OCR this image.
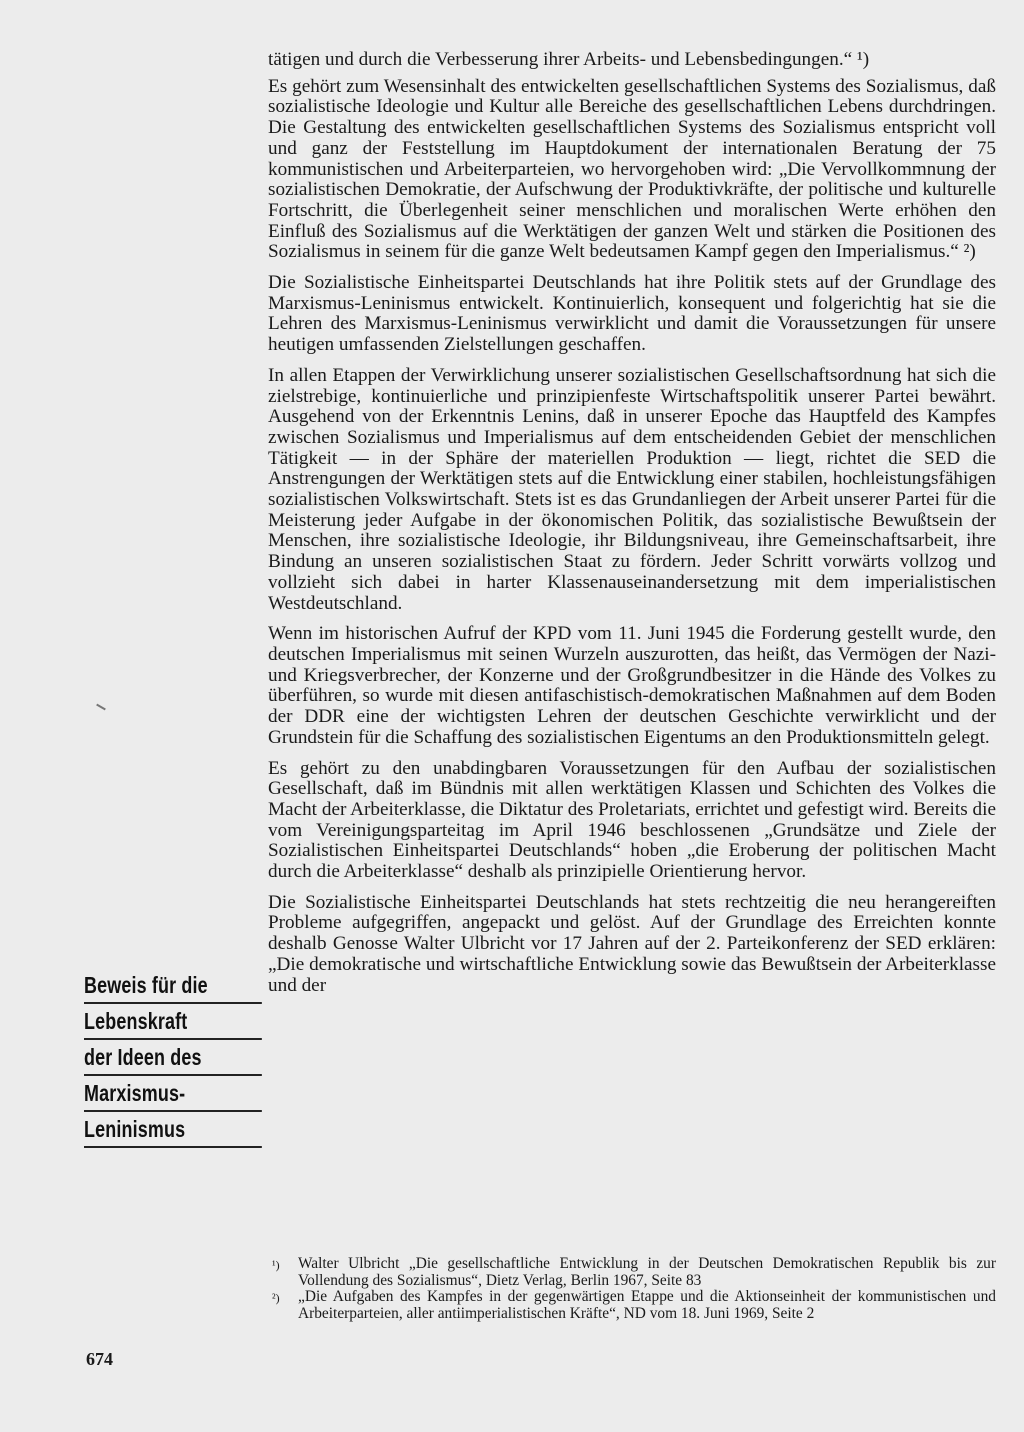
tätigen und durch die Verbesserung ihrer Arbeits- und Lebensbedingungen.“ ¹)

Es gehört zum Wesensinhalt des entwickelten gesellschaftlichen Systems des Sozialismus, daß sozialistische Ideologie und Kultur alle Bereiche des gesellschaftlichen Lebens durchdringen. Die Gestaltung des entwickelten gesellschaftlichen Systems des Sozialismus entspricht voll und ganz der Feststellung im Hauptdokument der internationalen Beratung der 75 kommunistischen und Arbeiterparteien, wo hervorgehoben wird: „Die Vervollkommnung der sozialistischen Demokratie, der Aufschwung der Produktivkräfte, der politische und kulturelle Fortschritt, die Überlegenheit seiner menschlichen und moralischen Werte erhöhen den Einfluß des Sozialismus auf die Werktätigen der ganzen Welt und stärken die Positionen des Sozialismus in seinem für die ganze Welt bedeutsamen Kampf gegen den Imperialismus.“ ²)

Die Sozialistische Einheitspartei Deutschlands hat ihre Politik stets auf der Grundlage des Marxismus-Leninismus entwickelt. Kontinuierlich, konsequent und folgerichtig hat sie die Lehren des Marxismus-Leninismus verwirklicht und damit die Voraussetzungen für unsere heutigen umfassenden Zielstellungen geschaffen.

In allen Etappen der Verwirklichung unserer sozialistischen Gesellschaftsordnung hat sich die zielstrebige, kontinuierliche und prinzipienfeste Wirtschaftspolitik unserer Partei bewährt. Ausgehend von der Erkenntnis Lenins, daß in unserer Epoche das Hauptfeld des Kampfes zwischen Sozialismus und Imperialismus auf dem entscheidenden Gebiet der menschlichen Tätigkeit — in der Sphäre der materiellen Produktion — liegt, richtet die SED die Anstrengungen der Werktätigen stets auf die Entwicklung einer stabilen, hochleistungsfähigen sozialistischen Volkswirtschaft. Stets ist es das Grundanliegen der Arbeit unserer Partei für die Meisterung jeder Aufgabe in der ökonomischen Politik, das sozialistische Bewußtsein der Menschen, ihre sozialistische Ideologie, ihr Bildungsniveau, ihre Gemeinschaftsarbeit, ihre Bindung an unseren sozialistischen Staat zu fördern. Jeder Schritt vorwärts vollzog und vollzieht sich dabei in harter Klassenauseinandersetzung mit dem imperialistischen Westdeutschland.

Wenn im historischen Aufruf der KPD vom 11. Juni 1945 die Forderung gestellt wurde, den deutschen Imperialismus mit seinen Wurzeln auszurotten, das heißt, das Vermögen der Nazi- und Kriegsverbrecher, der Konzerne und der Großgrundbesitzer in die Hände des Volkes zu überführen, so wurde mit diesen antifaschistisch-demokratischen Maßnahmen auf dem Boden der DDR eine der wichtigsten Lehren der deutschen Geschichte verwirklicht und der Grundstein für die Schaffung des sozialistischen Eigentums an den Produktionsmitteln gelegt.

Es gehört zu den unabdingbaren Voraussetzungen für den Aufbau der sozialistischen Gesellschaft, daß im Bündnis mit allen werktätigen Klassen und Schichten des Volkes die Macht der Arbeiterklasse, die Diktatur des Proletariats, errichtet und gefestigt wird. Bereits die vom Vereinigungsparteitag im April 1946 beschlossenen „Grundsätze und Ziele der Sozialistischen Einheitspartei Deutschlands“ hoben „die Eroberung der politischen Macht durch die Arbeiterklasse“ deshalb als prinzipielle Orientierung hervor.

Die Sozialistische Einheitspartei Deutschlands hat stets rechtzeitig die neu herangereiften Probleme aufgegriffen, angepackt und gelöst. Auf der Grundlage des Erreichten konnte deshalb Genosse Walter Ulbricht vor 17 Jahren auf der 2. Parteikonferenz der SED erklären: „Die demokratische und wirtschaftliche Entwicklung sowie das Bewußtsein der Arbeiterklasse und der

Beweis für die
Lebenskraft
der Ideen des
Marxismus-
Leninismus
¹)	Walter Ulbricht „Die gesellschaftliche Entwicklung in der Deutschen Demokratischen Republik bis zur Vollendung des Sozialismus“, Dietz Verlag, Berlin 1967, Seite 83
²)	„Die Aufgaben des Kampfes in der gegenwärtigen Etappe und die Aktionseinheit der kommunistischen und Arbeiterparteien, aller antiimperialistischen Kräfte“, ND vom 18. Juni 1969, Seite 2
674
